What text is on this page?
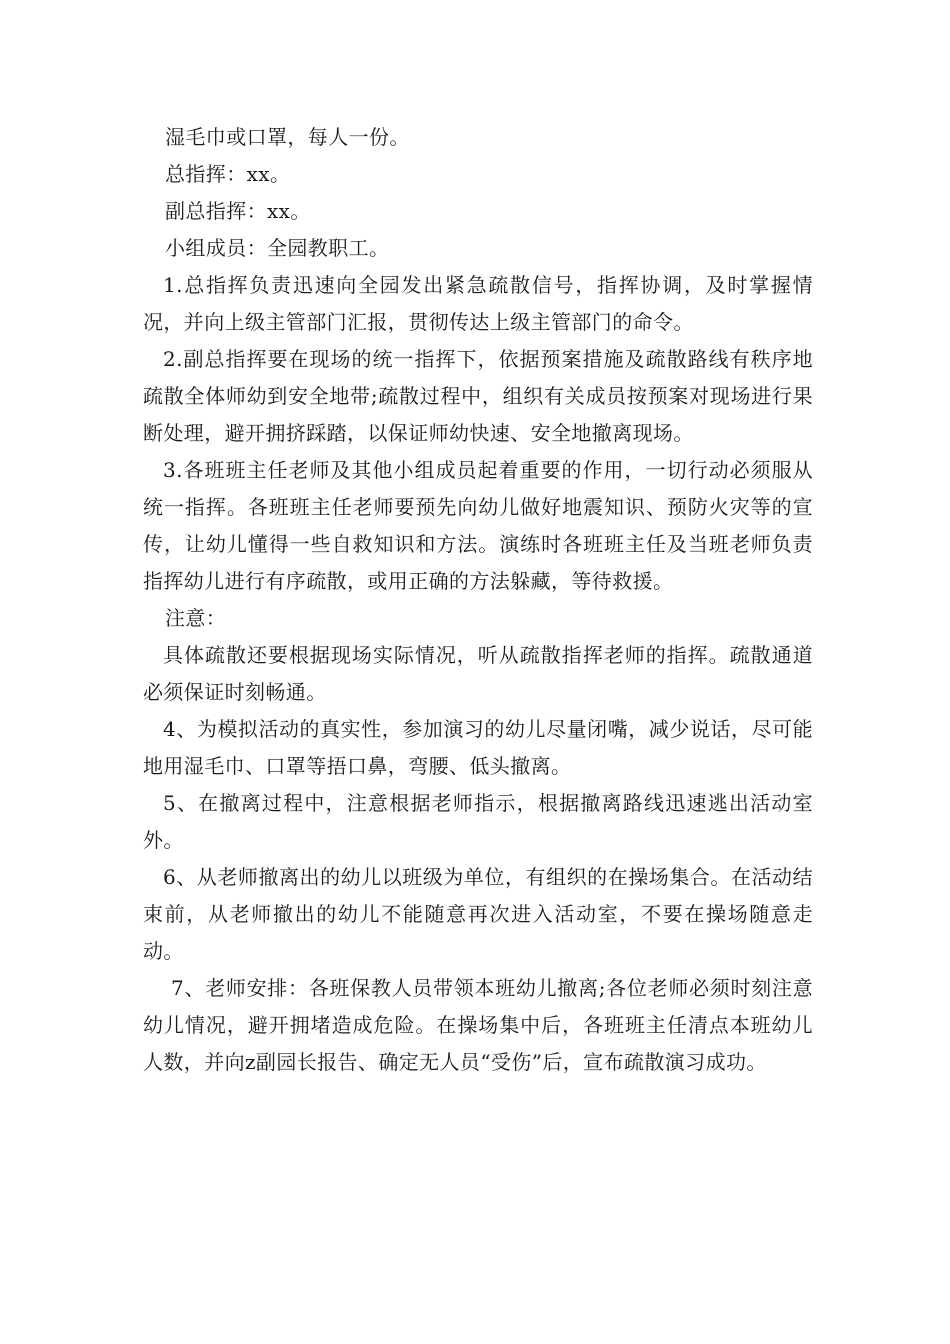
湿毛巾或口罩，每人一份。

总指挥：xx。

副总指挥：xx。

小组成员：全园教职工。

1.总指挥负责迅速向全园发出紧急疏散信号，指挥协调，及时掌握情况，并向上级主管部门汇报，贯彻传达上级主管部门的命令。

2.副总指挥要在现场的统一指挥下，依据预案措施及疏散路线有秩序地疏散全体师幼到安全地带;疏散过程中，组织有关成员按预案对现场进行果断处理，避开拥挤踩踏，以保证师幼快速、安全地撤离现场。

3.各班班主任老师及其他小组成员起着重要的作用，一切行动必须服从统一指挥。各班班主任老师要预先向幼儿做好地震知识、预防火灾等的宣传，让幼儿懂得一些自救知识和方法。演练时各班班主任及当班老师负责指挥幼儿进行有序疏散，或用正确的方法躲藏，等待救援。

注意：

具体疏散还要根据现场实际情况，听从疏散指挥老师的指挥。疏散通道必须保证时刻畅通。

4、为模拟活动的真实性，参加演习的幼儿尽量闭嘴，减少说话，尽可能地用湿毛巾、口罩等捂口鼻，弯腰、低头撤离。

5、在撤离过程中，注意根据老师指示，根据撤离路线迅速逃出活动室外。

6、从老师撤离出的幼儿以班级为单位，有组织的在操场集合。在活动结束前，从老师撤出的幼儿不能随意再次进入活动室，不要在操场随意走动。

7、老师安排：各班保教人员带领本班幼儿撤离;各位老师必须时刻注意幼儿情况，避开拥堵造成危险。在操场集中后，各班班主任清点本班幼儿人数，并向z副园长报告、确定无人员“受伤”后，宣布疏散演习成功。
